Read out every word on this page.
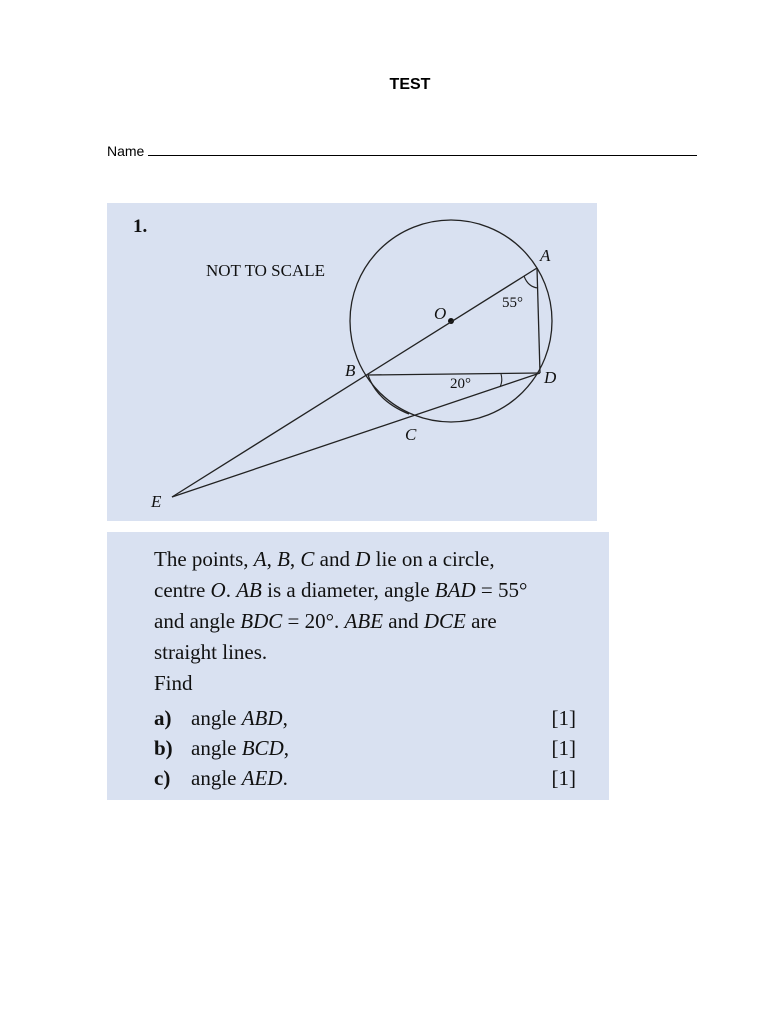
TEST
Name
1.
NOT TO SCALE
A
B
C
D
E
O
55°
20°
The points, A, B, C and D lie on a circle,
centre O. AB is a diameter, angle BAD = 55°
and angle BDC = 20°. ABE and DCE are
straight lines.
Find
a) angle ABD,	[1]
b) angle BCD,	[1]
c) angle AED.	[1]
